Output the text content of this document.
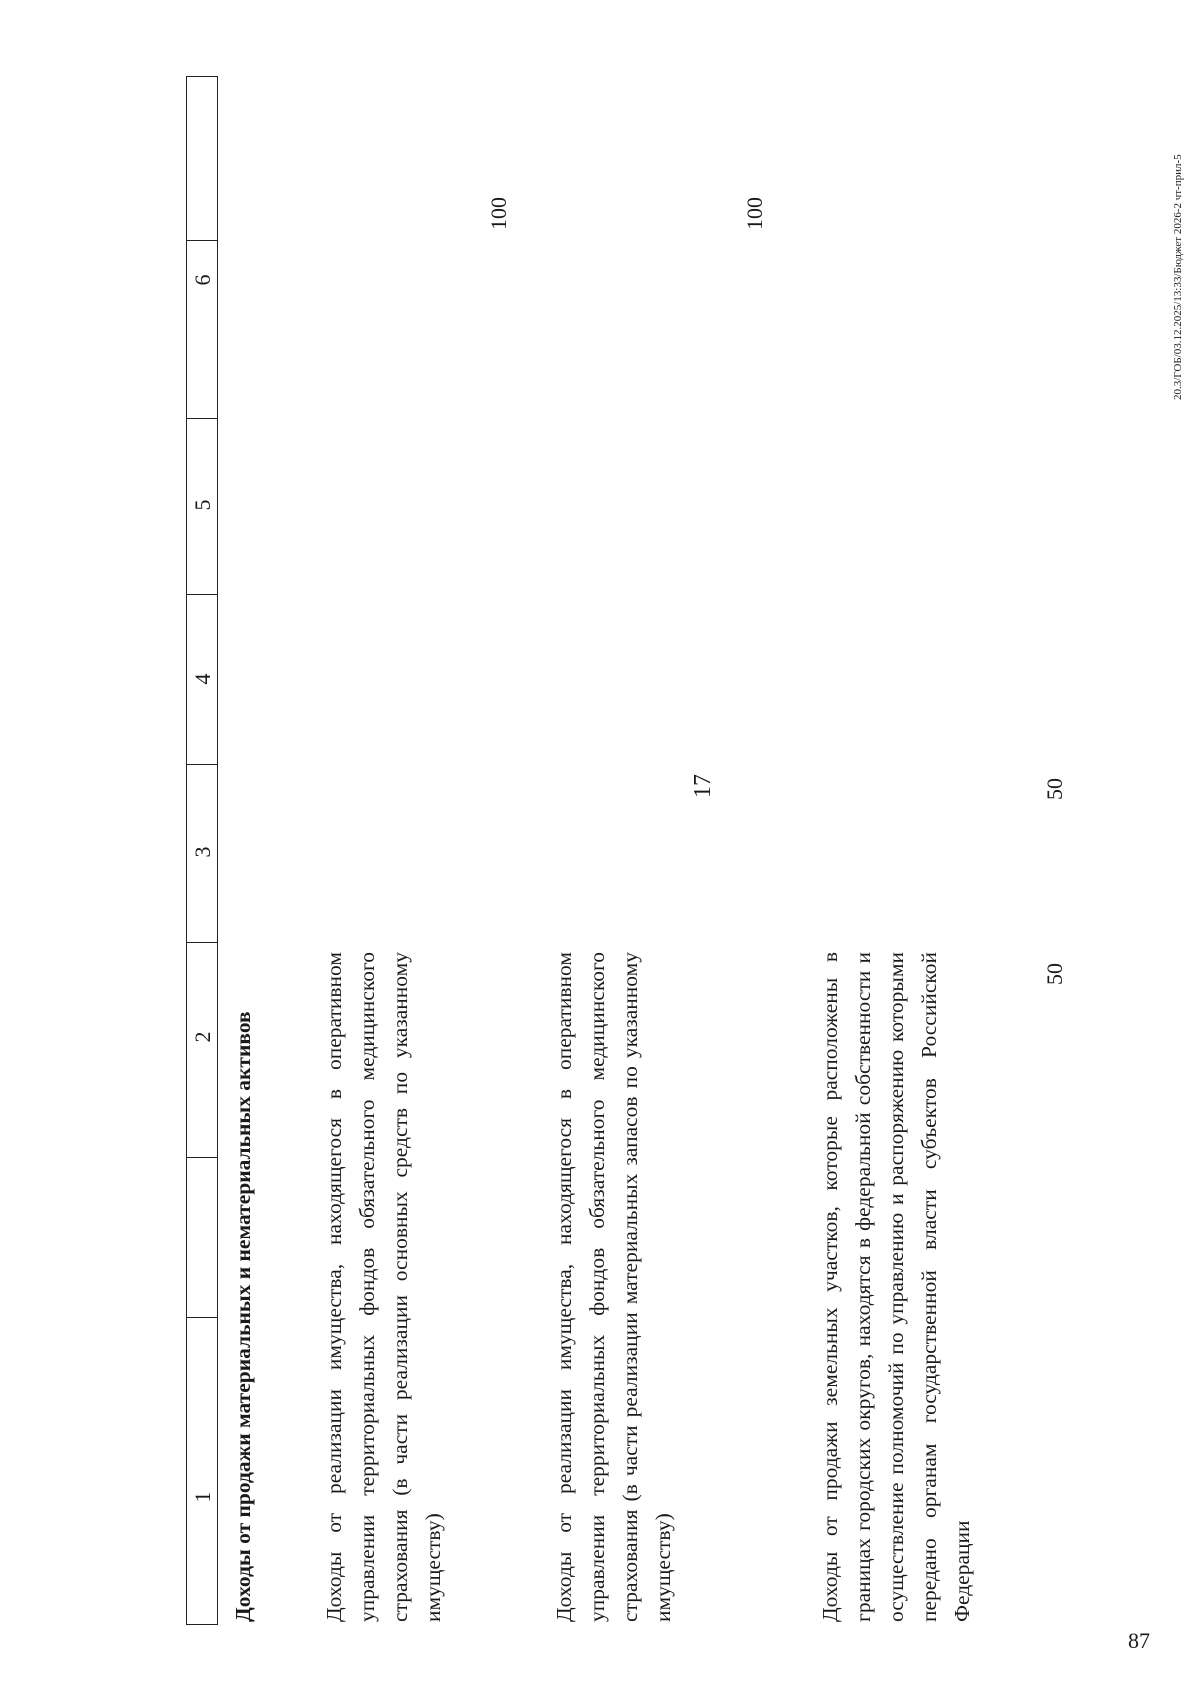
17
6
5
4
3
2
1 Доходы от продажи материальных и нематериальных активов	Доходы от реализации имущества, находящегося в оперативном управлении территориальных фондов обязательного медицинского страхования (в части реализации основных средств по указанному имуществу)
100
Доходы от реализации имущества, находящегося в оперативном управлении территориальных фондов обязательного медицинского страхования (в части реализации материальных запасов по указанному имуществу)
100
Доходы от продажи земельных участков, которые расположены в границах городских округов, находятся в федеральной собственности и осуществление полномочий по управлению и распоряжению которыми передано органам государственной власти субъектов Российской Федерации
50
50
20.3/ГОБ/03.12.2025/13:33/Бюджет 2026-2 чт-прил-5
87
